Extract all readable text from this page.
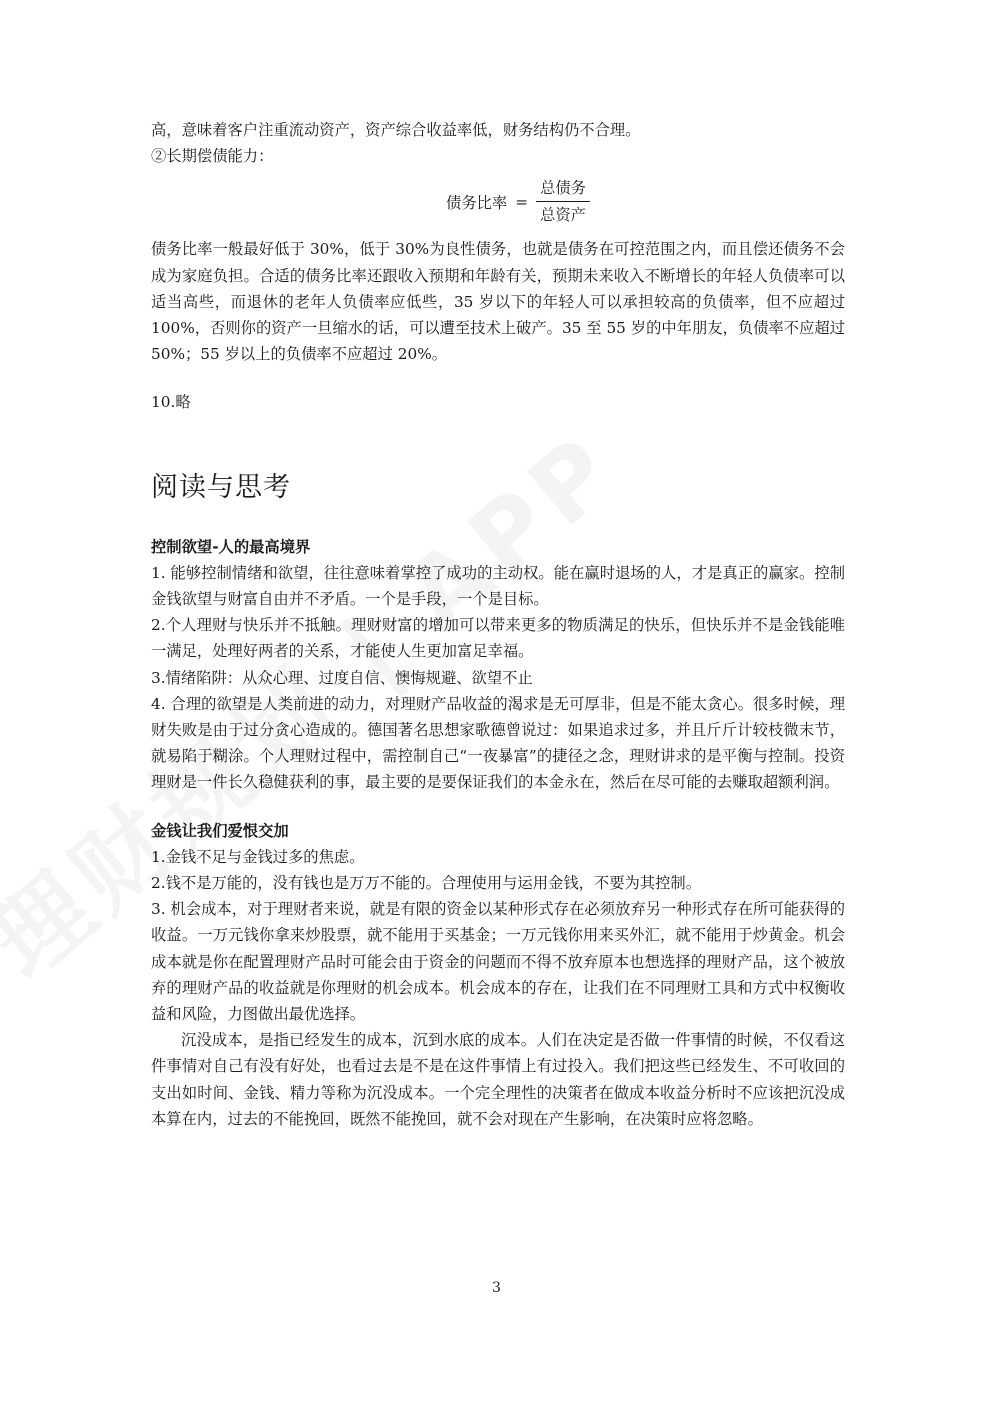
高，意味着客户注重流动资产，资产综合收益率低，财务结构仍不合理。

②长期偿债能力：

债务比率 = $\frac{\text{总债务}}{\text{总资产}}$

债务比率一般最好低于 30%，低于 30%为良性债务，也就是债务在可控范围之内，而且偿还债务不会成为家庭负担。合适的债务比率还跟收入预期和年龄有关，预期未来收入不断增长的年轻人负债率可以适当高些，而退休的老年人负债率应低些，35 岁以下的年轻人可以承担较高的负债率，但不应超过 100%，否则你的资产一旦缩水的话，可以遭至技术上破产。35 至 55 岁的中年朋友，负债率不应超过 50%；55 岁以上的负债率不应超过 20%。

10.略

阅读与思考
控制欲望-人的最高境界

1. 能够控制情绪和欲望，往往意味着掌控了成功的主动权。能在赢时退场的人，才是真正的赢家。控制金钱欲望与财富自由并不矛盾。一个是手段，一个是目标。

2.个人理财与快乐并不抵触。理财财富的增加可以带来更多的物质满足的快乐，但快乐并不是金钱能唯一满足，处理好两者的关系，才能使人生更加富足幸福。

3.情绪陷阱：从众心理、过度自信、懊悔规避、欲望不止

4. 合理的欲望是人类前进的动力，对理财产品收益的渴求是无可厚非，但是不能太贪心。很多时候，理财失败是由于过分贪心造成的。德国著名思想家歌德曾说过：如果追求过多，并且斤斤计较枝微末节，就易陷于糊涂。个人理财过程中，需控制自己“一夜暴富”的捷径之念，理财讲求的是平衡与控制。投资理财是一件长久稳健获利的事，最主要的是要保证我们的本金永在，然后在尽可能的去赚取超额利润。

金钱让我们爱恨交加

1.金钱不足与金钱过多的焦虑。

2.钱不是万能的，没有钱也是万万不能的。合理使用与运用金钱，不要为其控制。

3. 机会成本，对于理财者来说，就是有限的资金以某种形式存在必须放弃另一种形式存在所可能获得的收益。一万元钱你拿来炒股票，就不能用于买基金；一万元钱你用来买外汇，就不能用于炒黄金。机会成本就是你在配置理财产品时可能会由于资金的问题而不得不放弃原本也想选择的理财产品，这个被放弃的理财产品的收益就是你理财的机会成本。机会成本的存在，让我们在不同理财工具和方式中权衡收益和风险，力图做出最优选择。

沉没成本，是指已经发生的成本，沉到水底的成本。人们在决定是否做一件事情的时候，不仅看这件事情对自己有没有好处，也看过去是不是在这件事情上有过投入。我们把这些已经发生、不可收回的支出如时间、金钱、精力等称为沉没成本。一个完全理性的决策者在做成本收益分析时不应该把沉没成本算在内，过去的不能挽回，既然不能挽回，就不会对现在产生影响，在决策时应将忽略。

3
